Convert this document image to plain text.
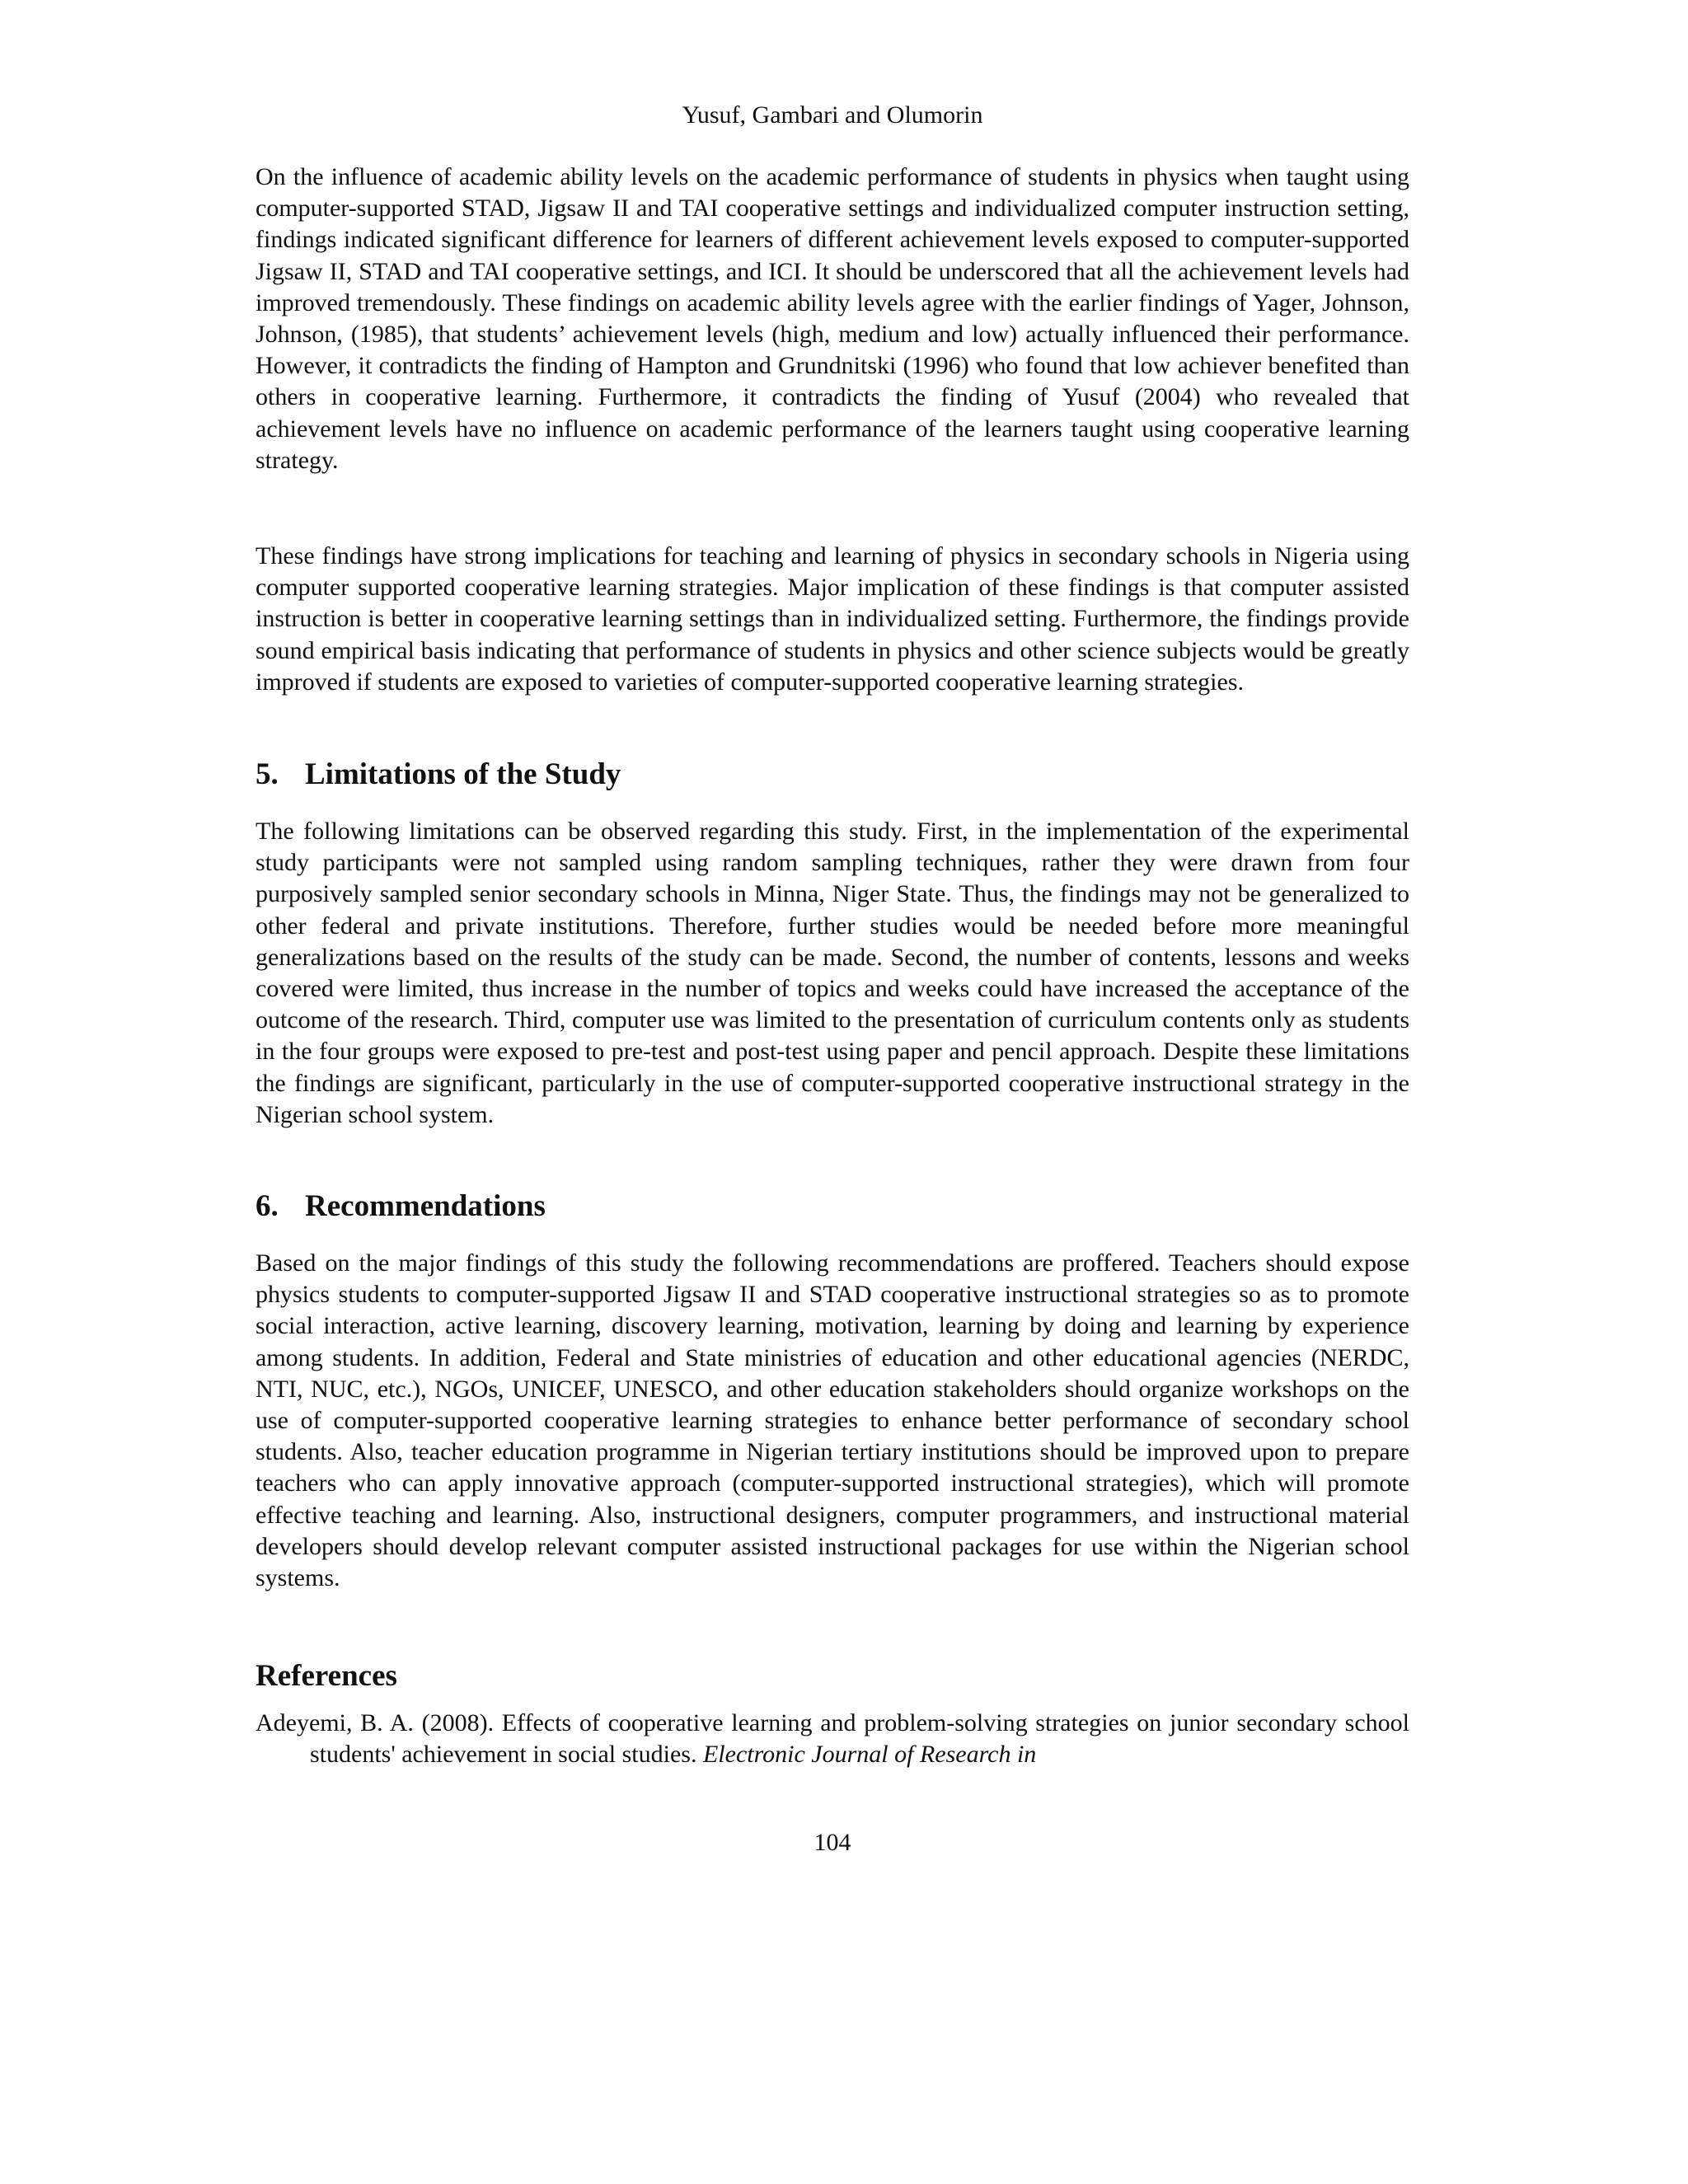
Yusuf, Gambari and Olumorin

On the influence of academic ability levels on the academic performance of students in physics when taught using computer-supported STAD, Jigsaw II and TAI cooperative settings and individualized computer instruction setting, findings indicated significant difference for learners of different achievement levels exposed to computer-supported Jigsaw II, STAD and TAI cooperative settings, and ICI. It should be underscored that all the achievement levels had improved tremendously. These findings on academic ability levels agree with the earlier findings of Yager, Johnson, Johnson, (1985), that students’ achievement levels (high, medium and low) actually influenced their performance. However, it contradicts the finding of Hampton and Grundnitski (1996) who found that low achiever benefited than others in cooperative learning. Furthermore, it contradicts the finding of Yusuf (2004) who revealed that achievement levels have no influence on academic performance of the learners taught using cooperative learning strategy.

These findings have strong implications for teaching and learning of physics in secondary schools in Nigeria using computer supported cooperative learning strategies. Major implication of these findings is that computer assisted instruction is better in cooperative learning settings than in individualized setting. Furthermore, the findings provide sound empirical basis indicating that performance of students in physics and other science subjects would be greatly improved if students are exposed to varieties of computer-supported cooperative learning strategies.

5. Limitations of the Study

The following limitations can be observed regarding this study. First, in the implementation of the experimental study participants were not sampled using random sampling techniques, rather they were drawn from four purposively sampled senior secondary schools in Minna, Niger State. Thus, the findings may not be generalized to other federal and private institutions. Therefore, further studies would be needed before more meaningful generalizations based on the results of the study can be made. Second, the number of contents, lessons and weeks covered were limited, thus increase in the number of topics and weeks could have increased the acceptance of the outcome of the research. Third, computer use was limited to the presentation of curriculum contents only as students in the four groups were exposed to pre-test and post-test using paper and pencil approach. Despite these limitations the findings are significant, particularly in the use of computer-supported cooperative instructional strategy in the Nigerian school system.

6. Recommendations

Based on the major findings of this study the following recommendations are proffered. Teachers should expose physics students to computer-supported Jigsaw II and STAD cooperative instructional strategies so as to promote social interaction, active learning, discovery learning, motivation, learning by doing and learning by experience among students. In addition, Federal and State ministries of education and other educational agencies (NERDC, NTI, NUC, etc.), NGOs, UNICEF, UNESCO, and other education stakeholders should organize workshops on the use of computer-supported cooperative learning strategies to enhance better performance of secondary school students. Also, teacher education programme in Nigerian tertiary institutions should be improved upon to prepare teachers who can apply innovative approach (computer-supported instructional strategies), which will promote effective teaching and learning. Also, instructional designers, computer programmers, and instructional material developers should develop relevant computer assisted instructional packages for use within the Nigerian school systems.

References

Adeyemi, B. A. (2008). Effects of cooperative learning and problem-solving strategies on junior secondary school students' achievement in social studies. Electronic Journal of Research in

104
